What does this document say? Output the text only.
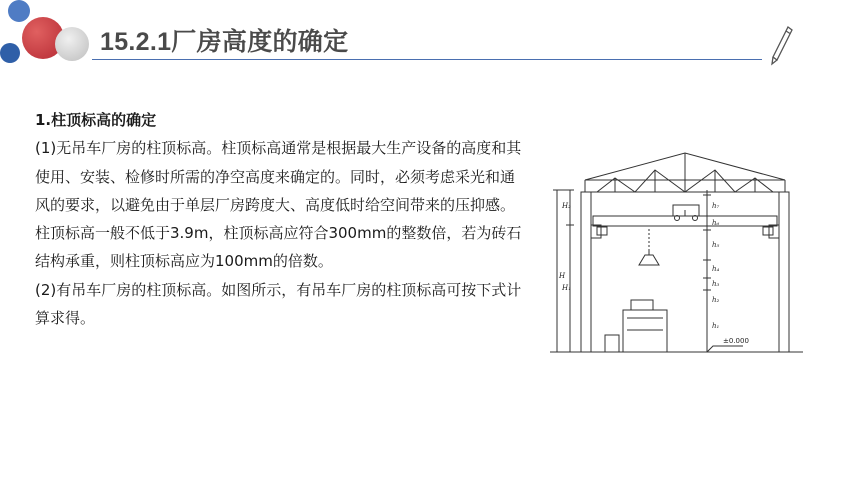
15.2.1厂房高度的确定

1.柱顶标高的确定

(1)无吊车厂房的柱顶标高。柱顶标高通常是根据最大生产设备的高度和其使用、安装、检修时所需的净空高度来确定的。同时，必须考虑采光和通风的要求，以避免由于单层厂房跨度大、高度低时给空间带来的压抑感。柱顶标高一般不低于3.9m，柱顶标高应符合300mm的整数倍，若为砖石结构承重，则柱顶标高应为100mm的倍数。

(2)有吊车厂房的柱顶标高。如图所示，有吊车厂房的柱顶标高可按下式计算求得。

H
H₂
H₁
h₇
h₆
h₅
h₄
h₃
h₂
h₁
±0.000
